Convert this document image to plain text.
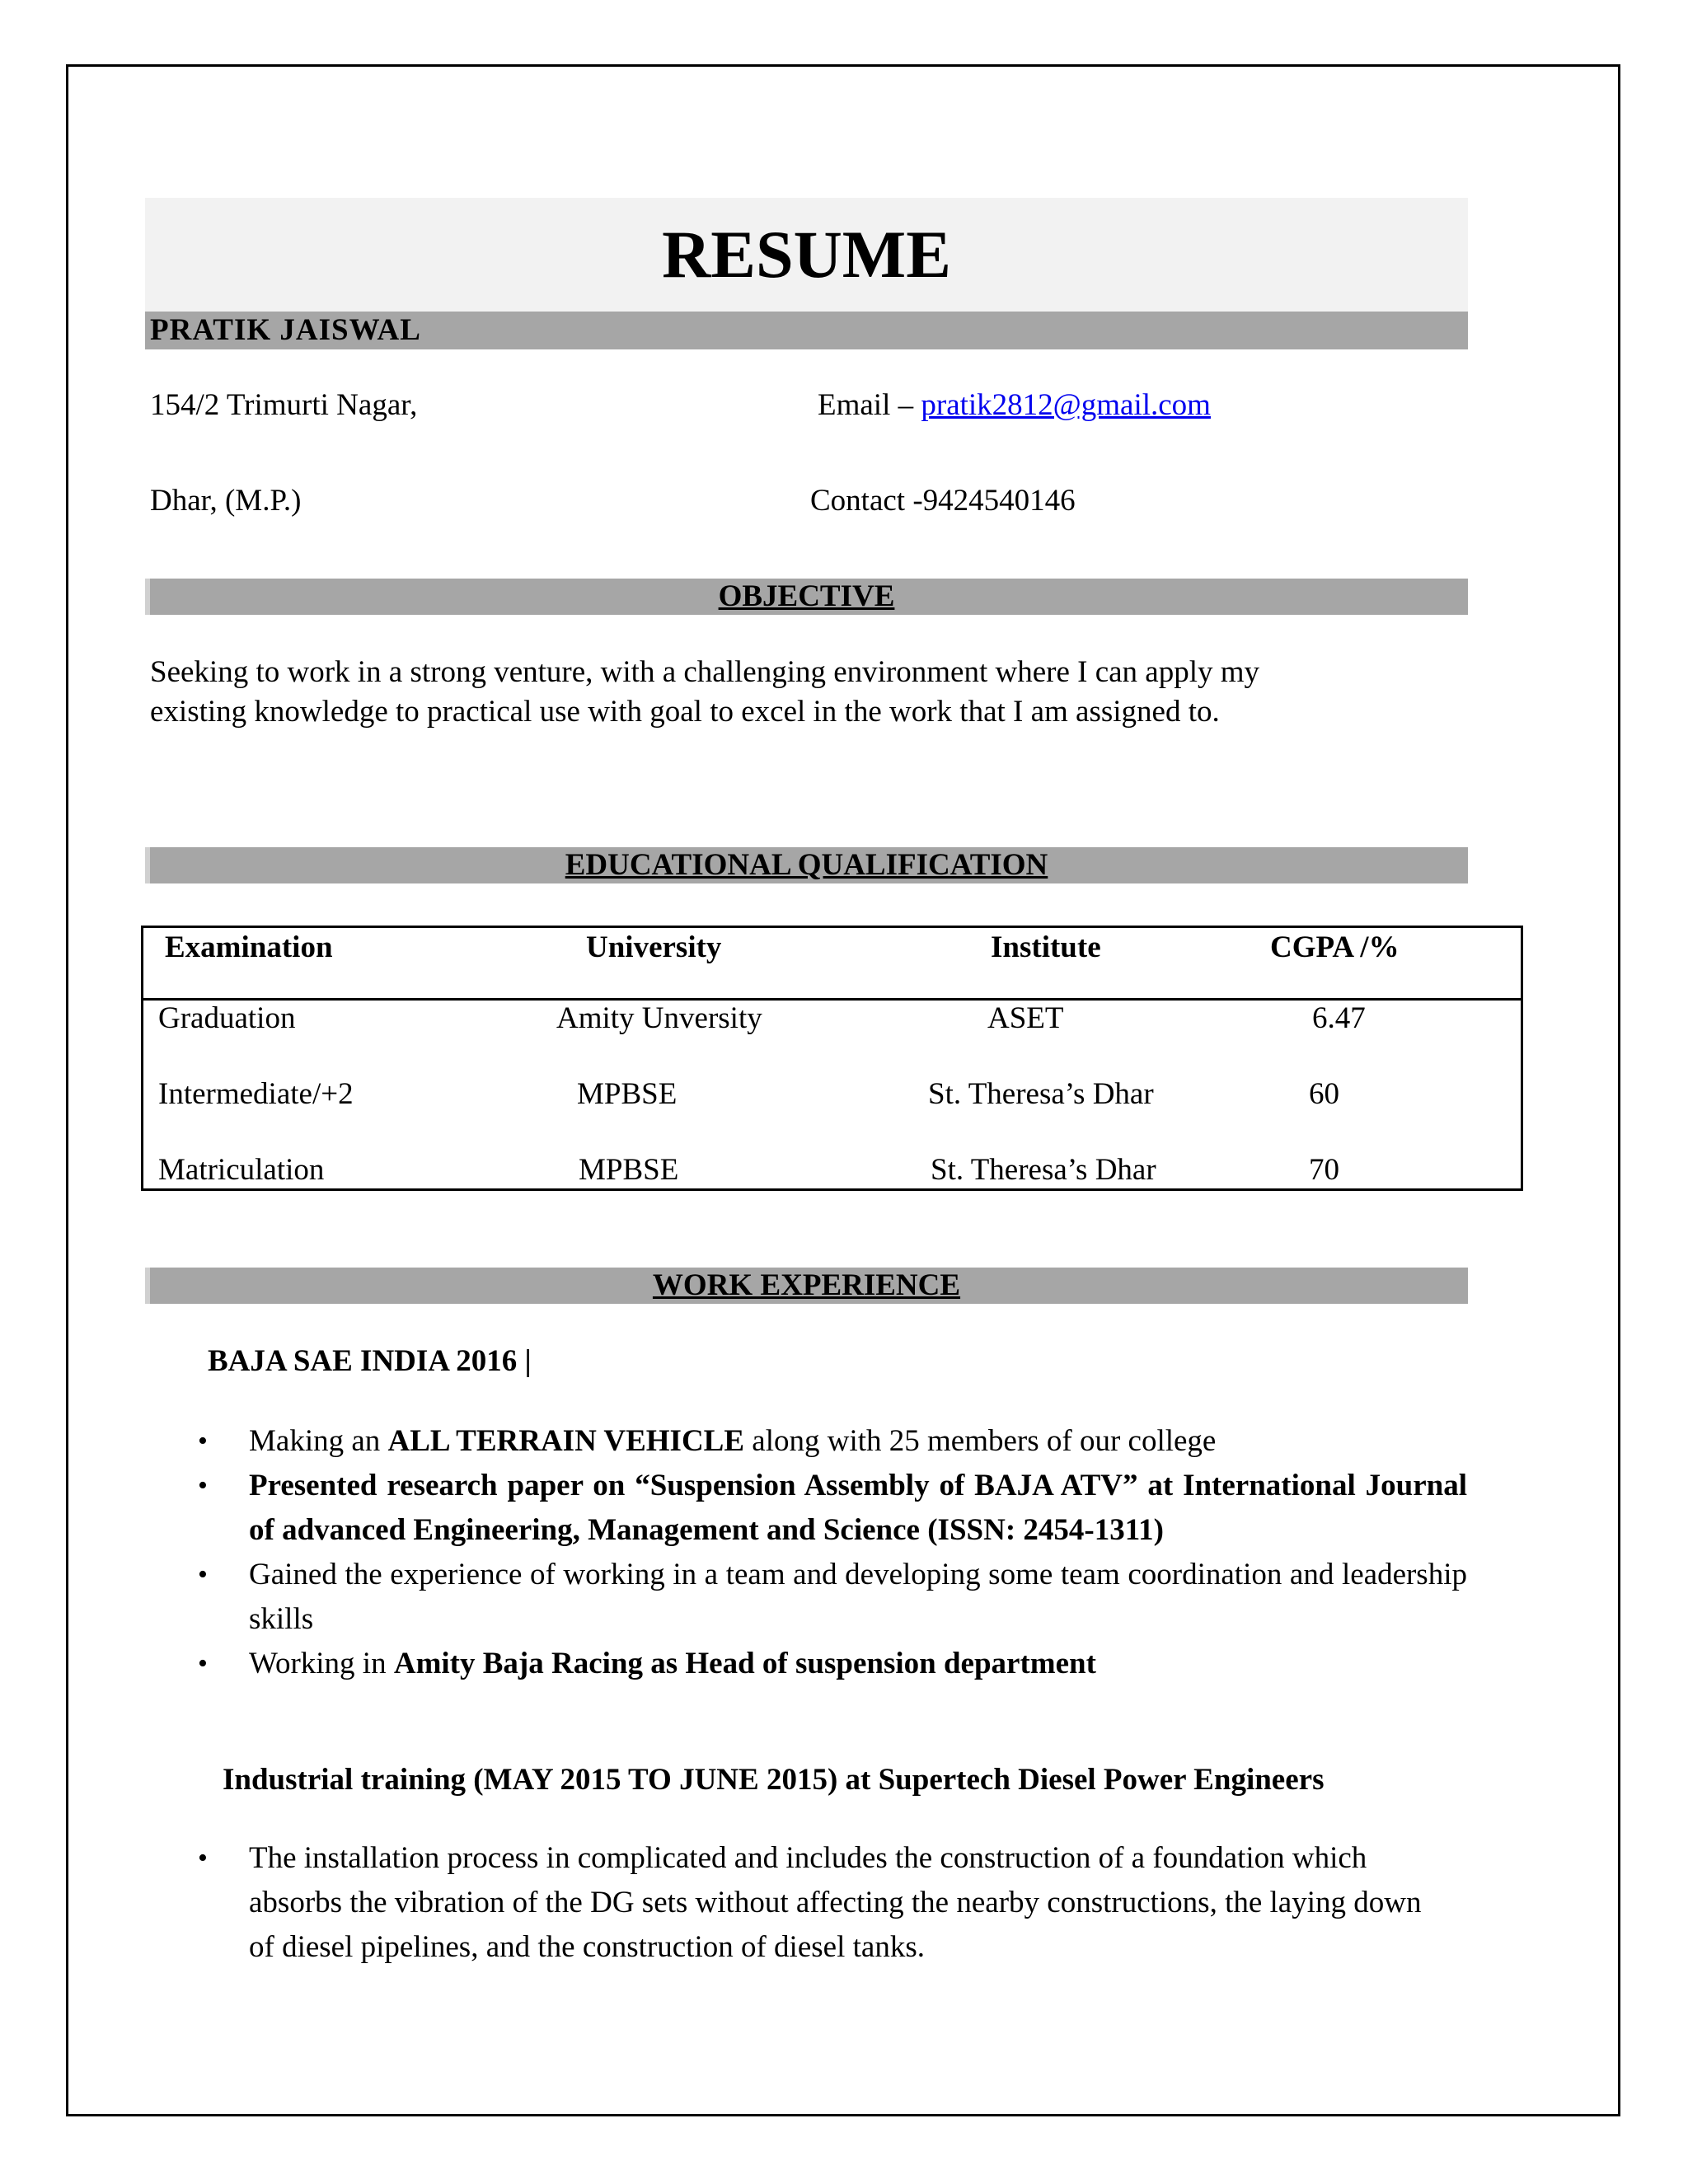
RESUME
PRATIK JAISWAL
154/2 Trimurti Nagar,	Email – pratik2812@gmail.com
Dhar, (M.P.)	Contact -9424540146
OBJECTIVE
Seeking to work in a strong venture, with a challenging environment where I can apply my
existing knowledge to practical use with goal to excel in the work that I am assigned to.
EDUCATIONAL QUALIFICATION
Examination	University	Institute	CGPA /%
Graduation	Amity Unversity	ASET	6.47
Intermediate/+2	MPBSE	St. Theresa’s Dhar	60
Matriculation	MPBSE	St. Theresa’s Dhar	70
WORK EXPERIENCE
BAJA SAE INDIA 2016 |
• Making an ALL TERRAIN VEHICLE along with 25 members of our college
• Presented research paper on “Suspension Assembly of BAJA ATV” at International Journal of advanced Engineering, Management and Science (ISSN: 2454-1311)
• Gained the experience of working in a team and developing some team coordination and leadership skills
• Working in Amity Baja Racing as Head of suspension department
Industrial training (MAY 2015 TO JUNE 2015) at Supertech Diesel Power Engineers
• The installation process in complicated and includes the construction of a foundation which absorbs the vibration of the DG sets without affecting the nearby constructions, the laying down of diesel pipelines, and the construction of diesel tanks.
